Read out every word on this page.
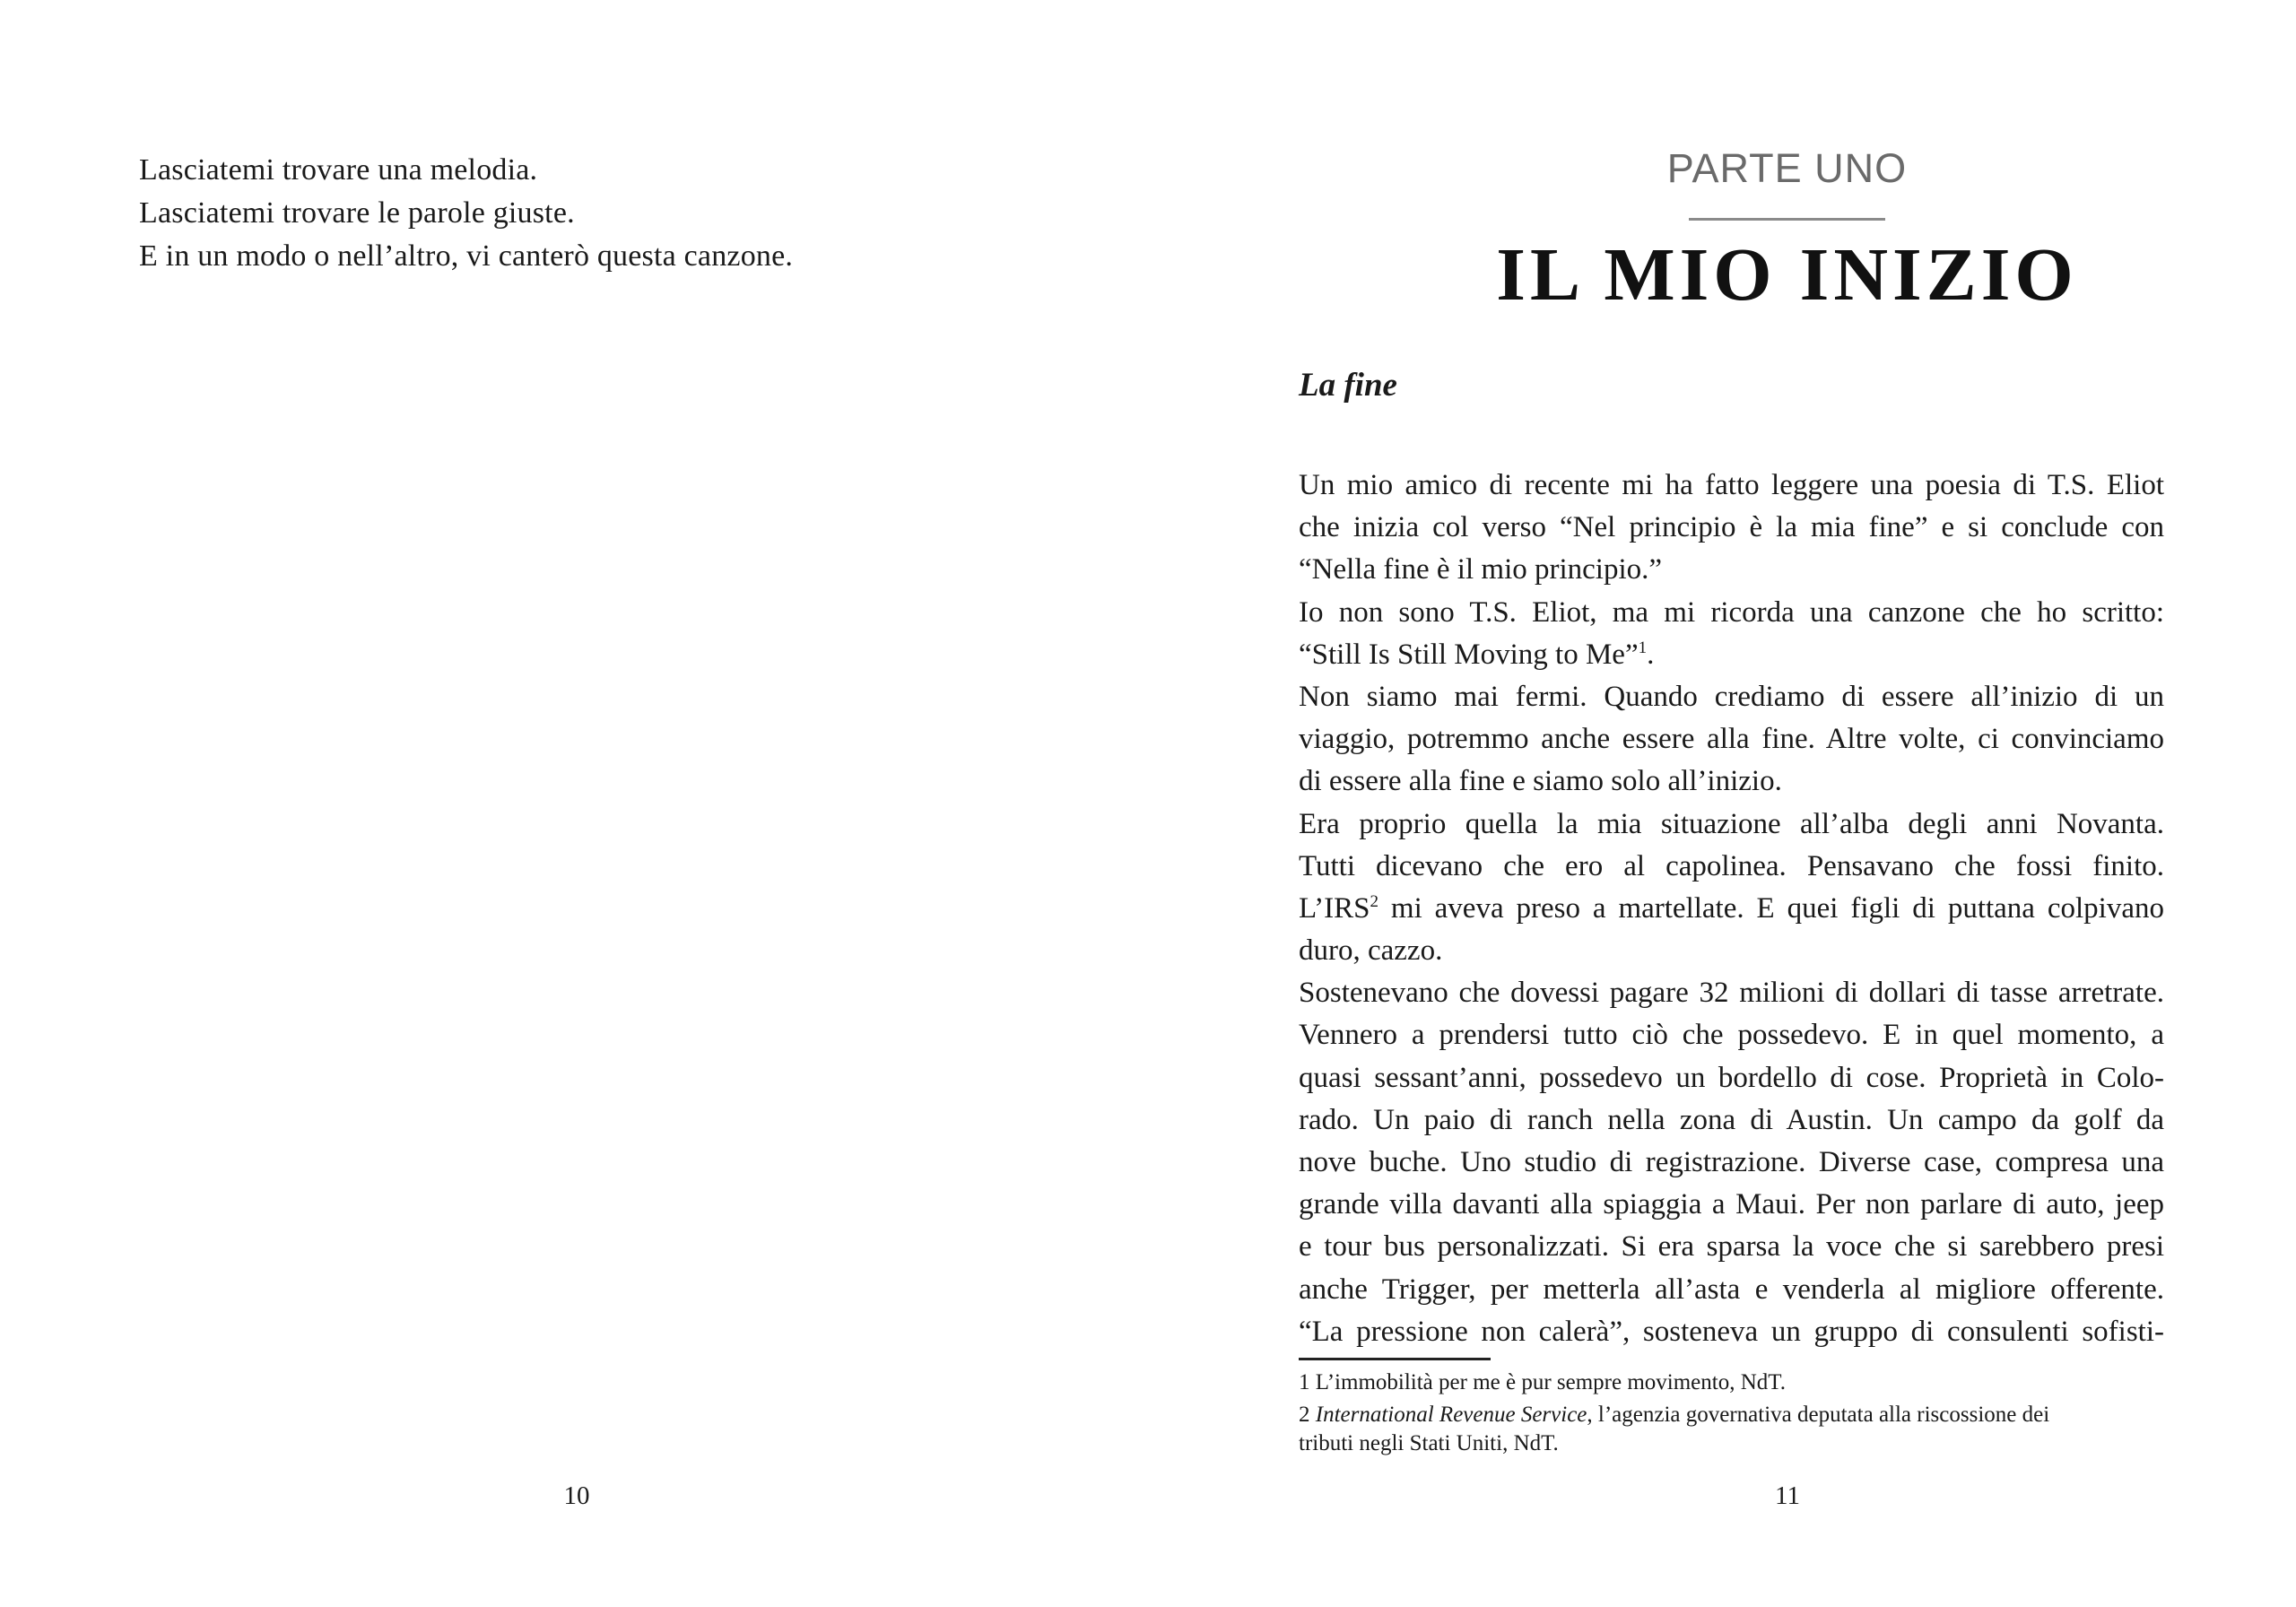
Lasciatemi trovare una melodia.
Lasciatemi trovare le parole giuste.
E in un modo o nell’altro, vi canterò questa canzone.
10
PARTE UNO
IL MIO INIZIO
La fine
Un mio amico di recente mi ha fatto leggere una poesia di T.S. Eliot
che inizia col verso “Nel principio è la mia fine” e si conclude con
“Nella fine è il mio principio.”
Io non sono T.S. Eliot, ma mi ricorda una canzone che ho scritto:
“Still Is Still Moving to Me”$^1$.
Non siamo mai fermi. Quando crediamo di essere all’inizio di un
viaggio, potremmo anche essere alla fine. Altre volte, ci convinciamo
di essere alla fine e siamo solo all’inizio.
Era proprio quella la mia situazione all’alba degli anni Novanta.
Tutti dicevano che ero al capolinea. Pensavano che fossi finito.
L’IRS$^2$ mi aveva preso a martellate. E quei figli di puttana colpivano
duro, cazzo.
Sostenevano che dovessi pagare 32 milioni di dollari di tasse arretrate.
Vennero a prendersi tutto ciò che possedevo. E in quel momento, a
quasi sessant’anni, possedevo un bordello di cose. Proprietà in Colo-
rado. Un paio di ranch nella zona di Austin. Un campo da golf da
nove buche. Uno studio di registrazione. Diverse case, compresa una
grande villa davanti alla spiaggia a Maui. Per non parlare di auto, jeep
e tour bus personalizzati. Si era sparsa la voce che si sarebbero presi
anche Trigger, per metterla all’asta e venderla al migliore offerente.
“La pressione non calerà”, sosteneva un gruppo di consulenti sofisti-
1 L’immobilità per me è pur sempre movimento, NdT.
2 International Revenue Service, l’agenzia governativa deputata alla riscossione dei
tributi negli Stati Uniti, NdT.
11
